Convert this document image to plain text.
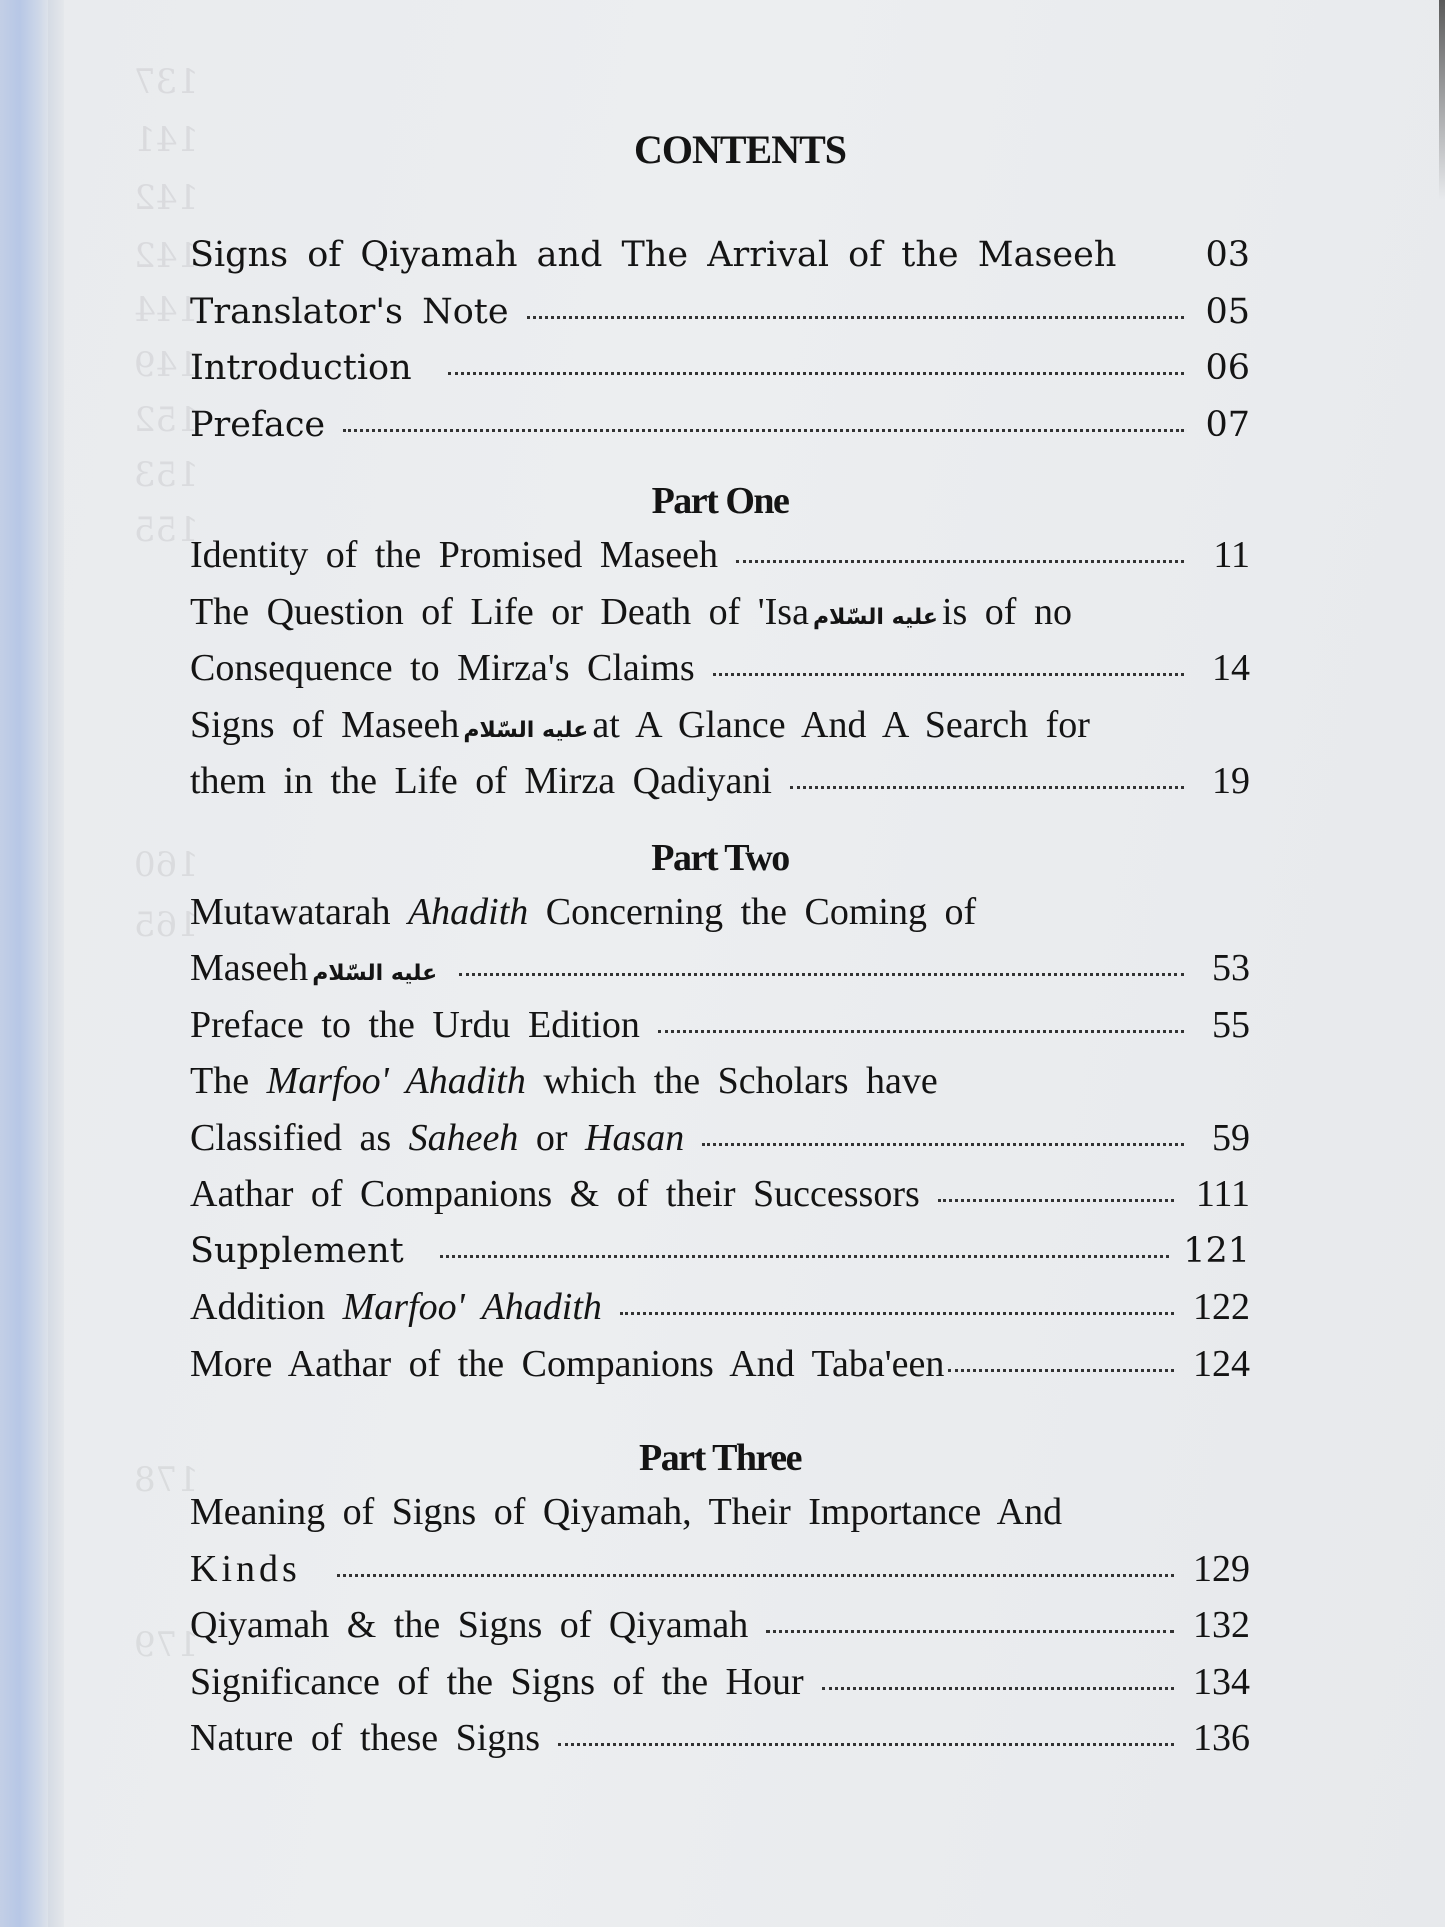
137
141
142
142
144
149
152
153
155
160
165
178
179
CONTENTS
Signs of Qiyamah and The Arrival of the Maseeh	03
Translator's Note	05
Introduction	06
Preface	07
Part One
Identity of the Promised Maseeh	11
The Question of Life or Death of 'Isa عليه السّلام is of no
Consequence to Mirza's Claims	14
Signs of Maseeh عليه السّلام at A Glance And A Search for
them in the Life of Mirza Qadiyani	19
Part Two
Mutawatarah Ahadith Concerning the Coming of
Maseeh عليه السّلام	53
Preface to the Urdu Edition	55
The Marfoo' Ahadith which the Scholars have
Classified as Saheeh or Hasan	59
Aathar of Companions & of their Successors	111
Supplement	121
Addition Marfoo' Ahadith	122
More Aathar of the Companions And Taba'een	124
Part Three
Meaning of Signs of Qiyamah, Their Importance And
Kinds	129
Qiyamah & the Signs of Qiyamah	132
Significance of the Signs of the Hour	134
Nature of these Signs	136
